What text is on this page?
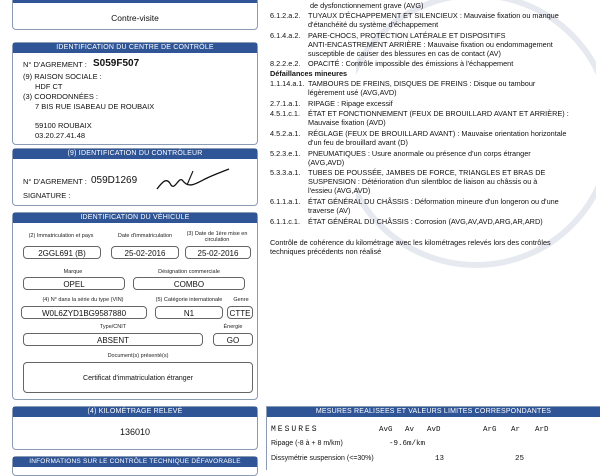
Contre-visite
IDENTIFICATION DU CENTRE DE CONTRÔLE
N° D'AGREMENT : S059F507
(9) RAISON SOCIALE :
HDF CT
(3) COORDONNÉES :
7 BIS RUE ISABEAU DE ROUBAIX
59100 ROUBAIX
03.20.27.41.48
(9) IDENTIFICATION DU CONTRÔLEUR
N° D'AGREMENT : 059D1269
SIGNATURE :
IDENTIFICATION DU VÉHICULE
(2) Immatriculation et pays	Date d'immatriculation	(3) Date de 1ère mise en circulation
2GGL691 (B)	25-02-2016	25-02-2016
Marque	Désignation commerciale
OPEL	COMBO
(4) N° dans la série du type (VIN)	(5) Catégorie internationale	Genre
W0L6ZYD1BG9587880	N1	CTTE
Type/CNIT	Énergie
ABSENT	GO
Document(s) présenté(s)
Certificat d'immatriculation étranger
(4) KILOMÉTRAGE RELEVÉ
136010
INFORMATIONS SUR LE CONTRÔLE TECHNIQUE DÉFAVORABLE
de dysfonctionnement grave (AVG)
6.1.2.a.2. TUYAUX D'ÉCHAPPEMENT ET SILENCIEUX : Mauvaise fixation ou manque
d'étanchéité du système d'échappement
6.1.4.a.2. PARE-CHOCS, PROTECTION LATÉRALE ET DISPOSITIFS
ANTI-ENCASTREMENT ARRIÈRE : Mauvaise fixation ou endommagement
susceptible de causer des blessures en cas de contact (AV)
8.2.2.e.2. OPACITÉ : Contrôle impossible des émissions à l'échappement
Défaillances mineures
1.1.14.a.1. TAMBOURS DE FREINS, DISQUES DE FREINS : Disque ou tambour
légèrement usé (AVG,AVD)
2.7.1.a.1. RIPAGE : Ripage excessif
4.5.1.c.1. ÉTAT ET FONCTIONNEMENT (FEUX DE BROUILLARD AVANT ET ARRIÈRE) :
Mauvaise fixation (AVD)
4.5.2.a.1. RÉGLAGE (FEUX DE BROUILLARD AVANT) : Mauvaise orientation horizontale
d'un feu de brouillard avant (D)
5.2.3.e.1. PNEUMATIQUES : Usure anormale ou présence d'un corps étranger
(AVG,AVD)
5.3.3.a.1. TUBES DE POUSSÉE, JAMBES DE FORCE, TRIANGLES ET BRAS DE
SUSPENSION : Détérioration d'un silentbloc de liaison au châssis ou à
l'essieu (AVG,AVD)
6.1.1.a.1. ÉTAT GÉNÉRAL DU CHÂSSIS : Déformation mineure d'un longeron ou d'une
traverse (AV)
6.1.1.c.1. ÉTAT GÉNÉRAL DU CHÂSSIS : Corrosion (AVG,AV,AVD,ARG,AR,ARD)
Contrôle de cohérence du kilométrage avec les kilométrages relevés lors des contrôles
techniques précédents non réalisé
MESURES REALISEES ET VALEURS LIMITES CORRESPONDANTES
MESURES	AvG Av AvD	ArG Ar ArD
Ripage (-8 à + 8 m/km)	-9.6m/km
Dissymétrie suspension (<=30%)	13	25
